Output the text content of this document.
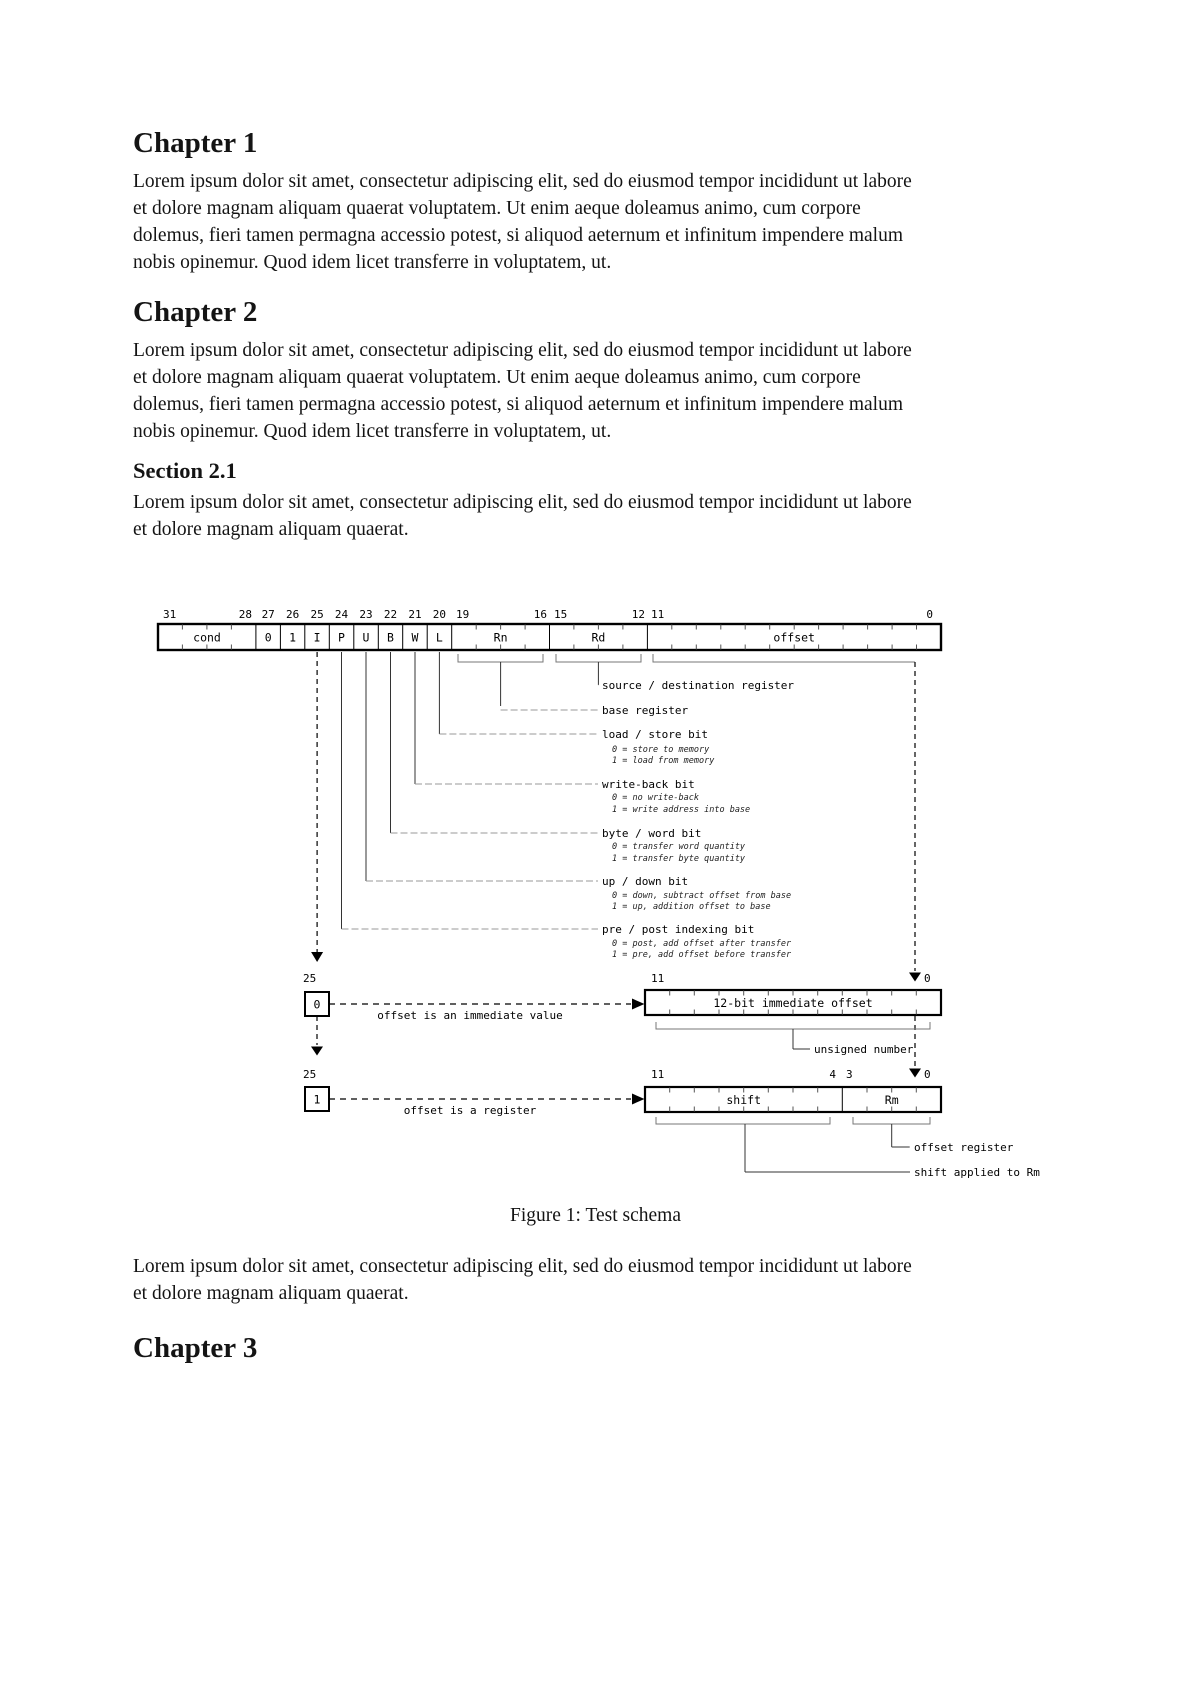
Chapter 1
Lorem ipsum dolor sit amet, consectetur adipiscing elit, sed do eiusmod tempor incididunt ut labore
et dolore magnam aliquam quaerat voluptatem. Ut enim aeque doleamus animo, cum corpore
dolemus, fieri tamen permagna accessio potest, si aliquod aeternum et infinitum impendere malum
nobis opinemur. Quod idem licet transferre in voluptatem, ut.
Chapter 2
Lorem ipsum dolor sit amet, consectetur adipiscing elit, sed do eiusmod tempor incididunt ut labore
et dolore magnam aliquam quaerat voluptatem. Ut enim aeque doleamus animo, cum corpore
dolemus, fieri tamen permagna accessio potest, si aliquod aeternum et infinitum impendere malum
nobis opinemur. Quod idem licet transferre in voluptatem, ut.
Section 2.1
Lorem ipsum dolor sit amet, consectetur adipiscing elit, sed do eiusmod tempor incididunt ut labore
et dolore magnam aliquam quaerat.
31	28 27 26 25 24 23 22 21 20 19	16 15	12 11	0
cond	0 1 I P U B W L	Rn	Rd	offset
source / destination register
base register
load / store bit
write-back bit
byte / word bit
up / down bit
pre / post indexing bit
0 = store to memory
1 = load from memory
0 = no write-back
1 = write address into base
0 = transfer word quantity
1 = transfer byte quantity
0 = down, subtract offset from base
1 = up, addition offset to base
0 = post, add offset after transfer
1 = pre, add offset before transfer
25	11	0
0
offset is an immediate value
12-bit immediate offset
unsigned number
25	11	4 3	0
1
offset is a register
shift	Rm
offset register
shift applied to Rm

Figure 1: Test schema

Lorem ipsum dolor sit amet, consectetur adipiscing elit, sed do eiusmod tempor incididunt ut labore
et dolore magnam aliquam quaerat.
Chapter 3
